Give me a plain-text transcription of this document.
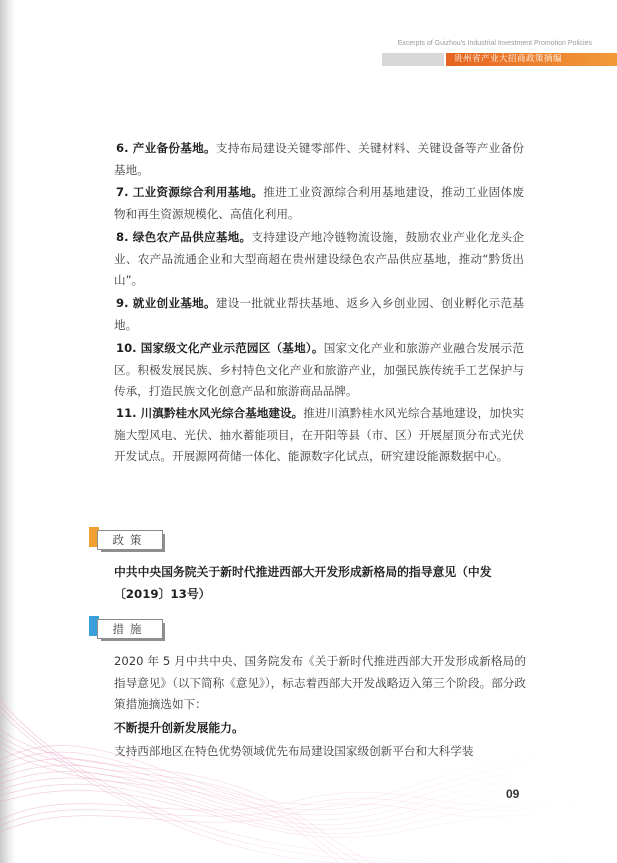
Excerpts of Guizhou's Industrial Investment Promotion Policies
贵州省产业大招商政策摘编
6. 产业备份基地。支持布局建设关键零部件、关键材料、关键设备等产业备份基地。
7. 工业资源综合利用基地。推进工业资源综合利用基地建设，推动工业固体废物和再生资源规模化、高值化利用。
8. 绿色农产品供应基地。支持建设产地冷链物流设施，鼓励农业产业化龙头企业、农产品流通企业和大型商超在贵州建设绿色农产品供应基地，推动“黔货出山”。
9. 就业创业基地。建设一批就业帮扶基地、返乡入乡创业园、创业孵化示范基地。
10. 国家级文化产业示范园区（基地）。国家文化产业和旅游产业融合发展示范区。积极发展民族、乡村特色文化产业和旅游产业，加强民族传统手工艺保护与传承，打造民族文化创意产品和旅游商品品牌。
11. 川滇黔桂水风光综合基地建设。推进川滇黔桂水风光综合基地建设，加快实施大型风电、光伏、抽水蓄能项目，在开阳等县（市、区）开展屋顶分布式光伏开发试点。开展源网荷储一体化、能源数字化试点，研究建设能源数据中心。
政策
中共中央国务院关于新时代推进西部大开发形成新格局的指导意见（中发〔2019〕13号）
措施
2020 年 5 月中共中央、国务院发布《关于新时代推进西部大开发形成新格局的指导意见》（以下简称《意见》），标志着西部大开发战略迈入第三个阶段。部分政策措施摘选如下：
不断提升创新发展能力。
支持西部地区在特色优势领域优先布局建设国家级创新平台和大科学装
09
